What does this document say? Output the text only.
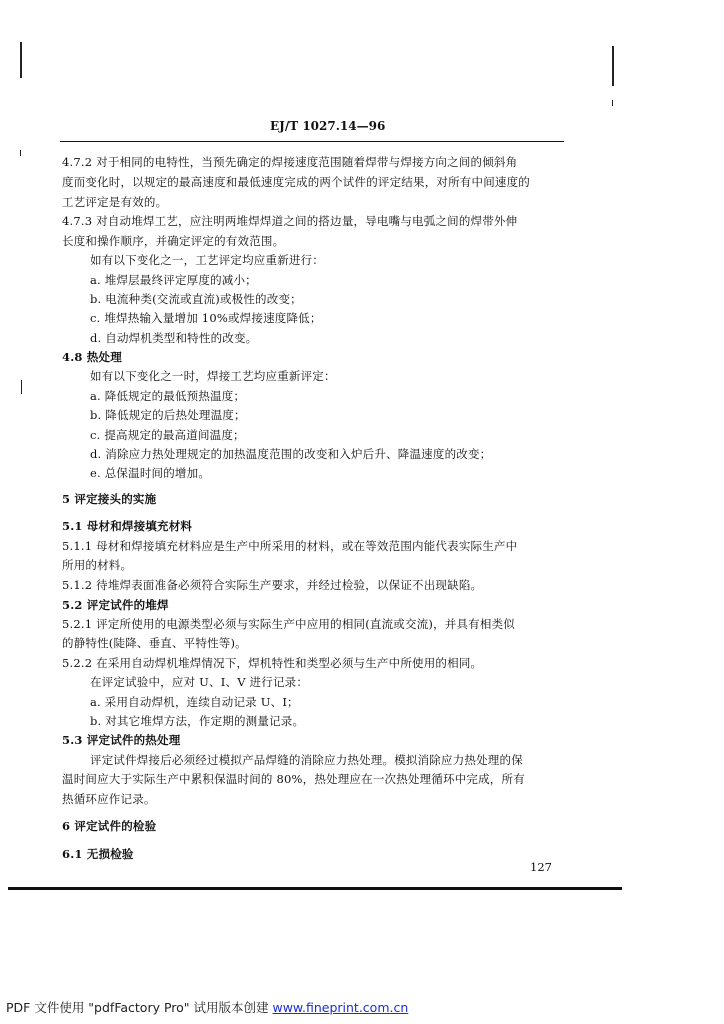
EJ/T 1027.14—96
4.7.2 对于相同的电特性，当预先确定的焊接速度范围随着焊带与焊接方向之间的倾斜角
度而变化时，以规定的最高速度和最低速度完成的两个试件的评定结果，对所有中间速度的
工艺评定是有效的。
4.7.3 对自动堆焊工艺，应注明两堆焊焊道之间的搭边量，导电嘴与电弧之间的焊带外伸
长度和操作顺序，并确定评定的有效范围。
如有以下变化之一，工艺评定均应重新进行：
a. 堆焊层最终评定厚度的减小；
b. 电流种类(交流或直流)或极性的改变；
c. 堆焊热输入量增加 10%或焊接速度降低；
d. 自动焊机类型和特性的改变。
4.8 热处理
如有以下变化之一时，焊接工艺均应重新评定：
a. 降低规定的最低预热温度；
b. 降低规定的后热处理温度；
c. 提高规定的最高道间温度；
d. 消除应力热处理规定的加热温度范围的改变和入炉后升、降温速度的改变；
e. 总保温时间的增加。
5 评定接头的实施
5.1 母材和焊接填充材料
5.1.1 母材和焊接填充材料应是生产中所采用的材料，或在等效范围内能代表实际生产中
所用的材料。
5.1.2 待堆焊表面准备必须符合实际生产要求，并经过检验，以保证不出现缺陷。
5.2 评定试件的堆焊
5.2.1 评定所使用的电源类型必须与实际生产中应用的相同(直流或交流)，并具有相类似
的静特性(陡降、垂直、平特性等)。
5.2.2 在采用自动焊机堆焊情况下，焊机特性和类型必须与生产中所使用的相同。
在评定试验中，应对 U、I、V 进行记录：
a. 采用自动焊机，连续自动记录 U、I；
b. 对其它堆焊方法，作定期的测量记录。
5.3 评定试件的热处理
评定试件焊接后必须经过模拟产品焊缝的消除应力热处理。模拟消除应力热处理的保
温时间应大于实际生产中累积保温时间的 80%，热处理应在一次热处理循环中完成，所有
热循环应作记录。
6 评定试件的检验
6.1 无损检验
127
PDF 文件使用 "pdfFactory Pro" 试用版本创建 www.fineprint.com.cn
